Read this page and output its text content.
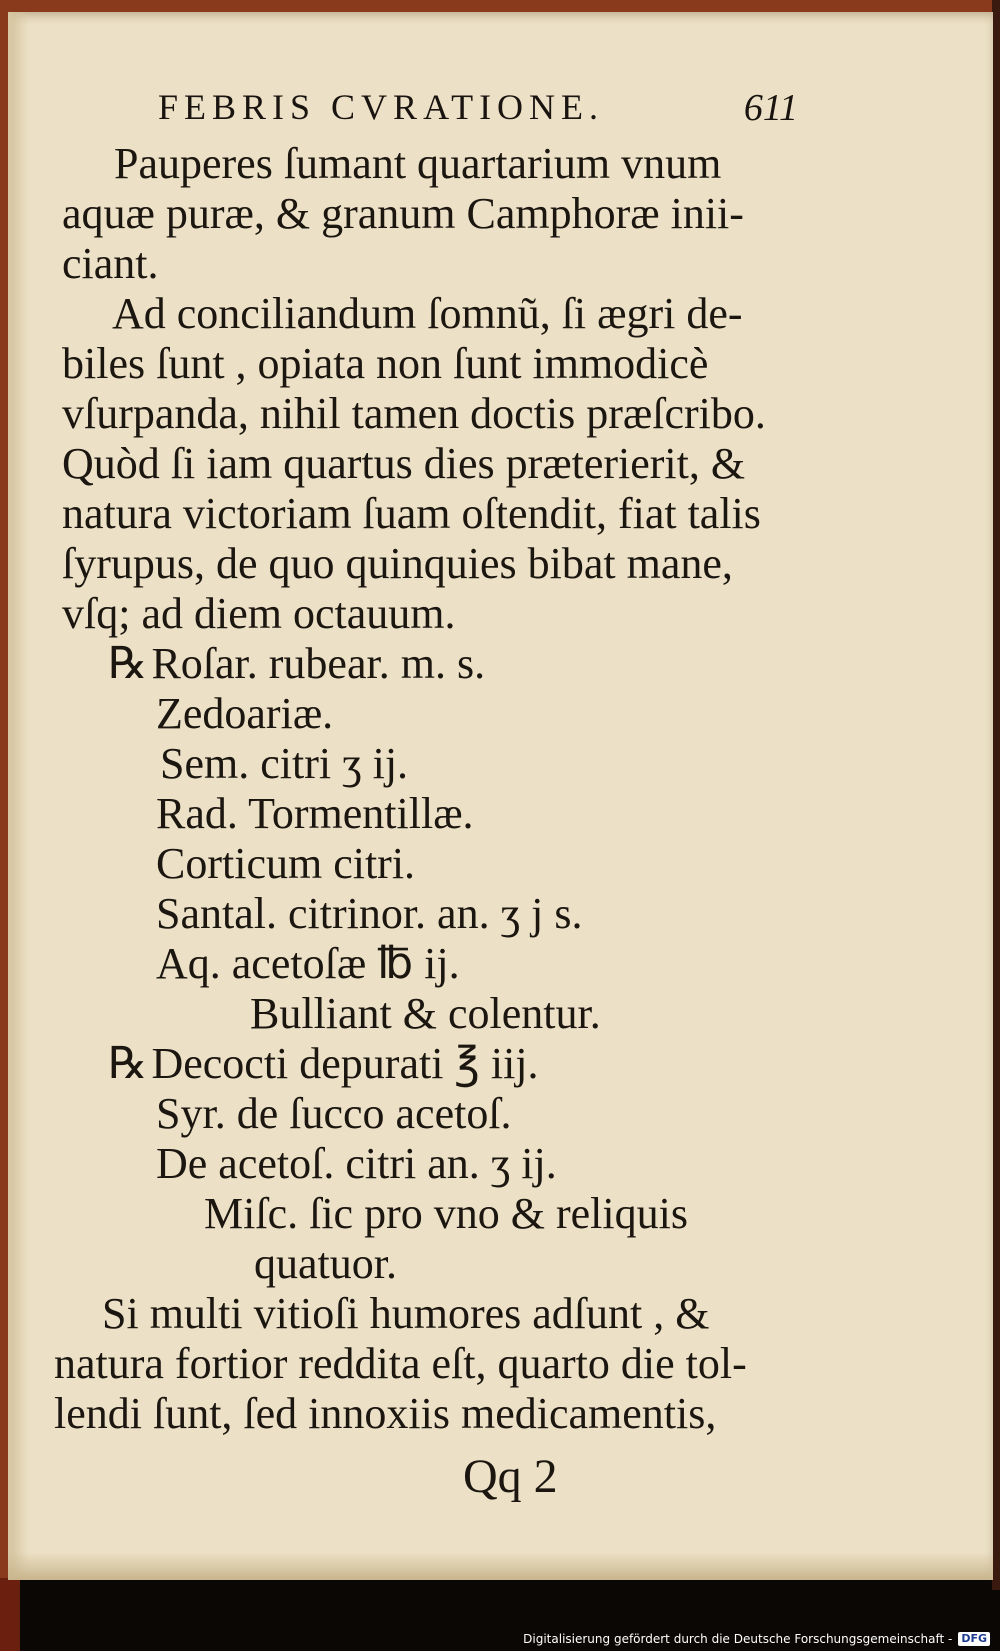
FEBRIS CVRATIONE.	611
Pauperes ſumant quartarium vnum
aquæ puræ, & granum Camphoræ inii-
ciant.
Ad conciliandum ſomnũ, ſi ægri de-
biles ſunt , opiata non ſunt immodicè
vſurpanda, nihil tamen doctis præſcribo.
Quòd ſi iam quartus dies præterierit, &
natura victoriam ſuam oſtendit, fiat talis
ſyrupus, de quo quinquies bibat mane,
vſq; ad diem octauum.
℞Roſar. rubear. m. s.
Zedoariæ.
Sem. citri ʒ ij.
Rad. Tormentillæ.
Corticum citri.
Santal. citrinor. an. ʒ j s.
Aq. acetoſæ ℔ ij.
Bulliant & colentur.
℞Decocti depurati ℥ iij.
Syr. de ſucco acetoſ.
De acetoſ. citri an. ʒ ij.
Miſc. ſic pro vno & reliquis
quatuor.
Si multi vitioſi humores adſunt , &
natura fortior reddita eſt, quarto die tol-
lendi ſunt, ſed innoxiis medicamentis,
Qq 2
Digitalisierung gefördert durch die Deutsche Forschungsgemeinschaft - DFG
